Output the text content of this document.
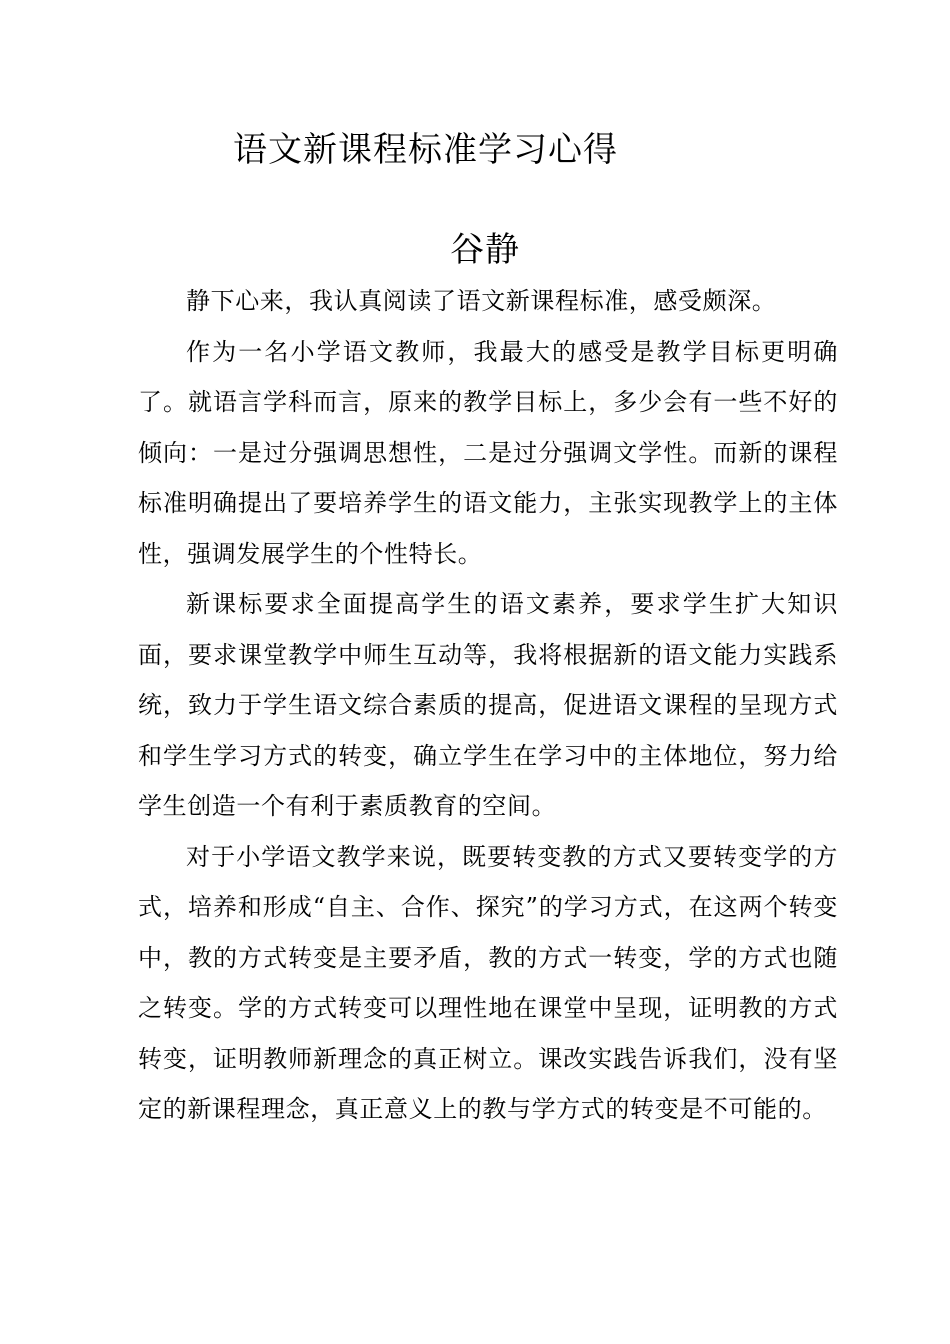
语文新课程标准学习心得
谷静

静下心来，我认真阅读了语文新课程标准，感受颇深。

作为一名小学语文教师，我最大的感受是教学目标更明确了。就语言学科而言，原来的教学目标上，多少会有一些不好的倾向：一是过分强调思想性，二是过分强调文学性。而新的课程标准明确提出了要培养学生的语文能力，主张实现教学上的主体性，强调发展学生的个性特长。

新课标要求全面提高学生的语文素养，要求学生扩大知识面，要求课堂教学中师生互动等，我将根据新的语文能力实践系统，致力于学生语文综合素质的提高，促进语文课程的呈现方式和学生学习方式的转变，确立学生在学习中的主体地位，努力给学生创造一个有利于素质教育的空间。

对于小学语文教学来说，既要转变教的方式又要转变学的方式，培养和形成“自主、合作、探究”的学习方式，在这两个转变中，教的方式转变是主要矛盾，教的方式一转变，学的方式也随之转变。学的方式转变可以理性地在课堂中呈现，证明教的方式转变，证明教师新理念的真正树立。课改实践告诉我们，没有坚定的新课程理念，真正意义上的教与学方式的转变是不可能的。
